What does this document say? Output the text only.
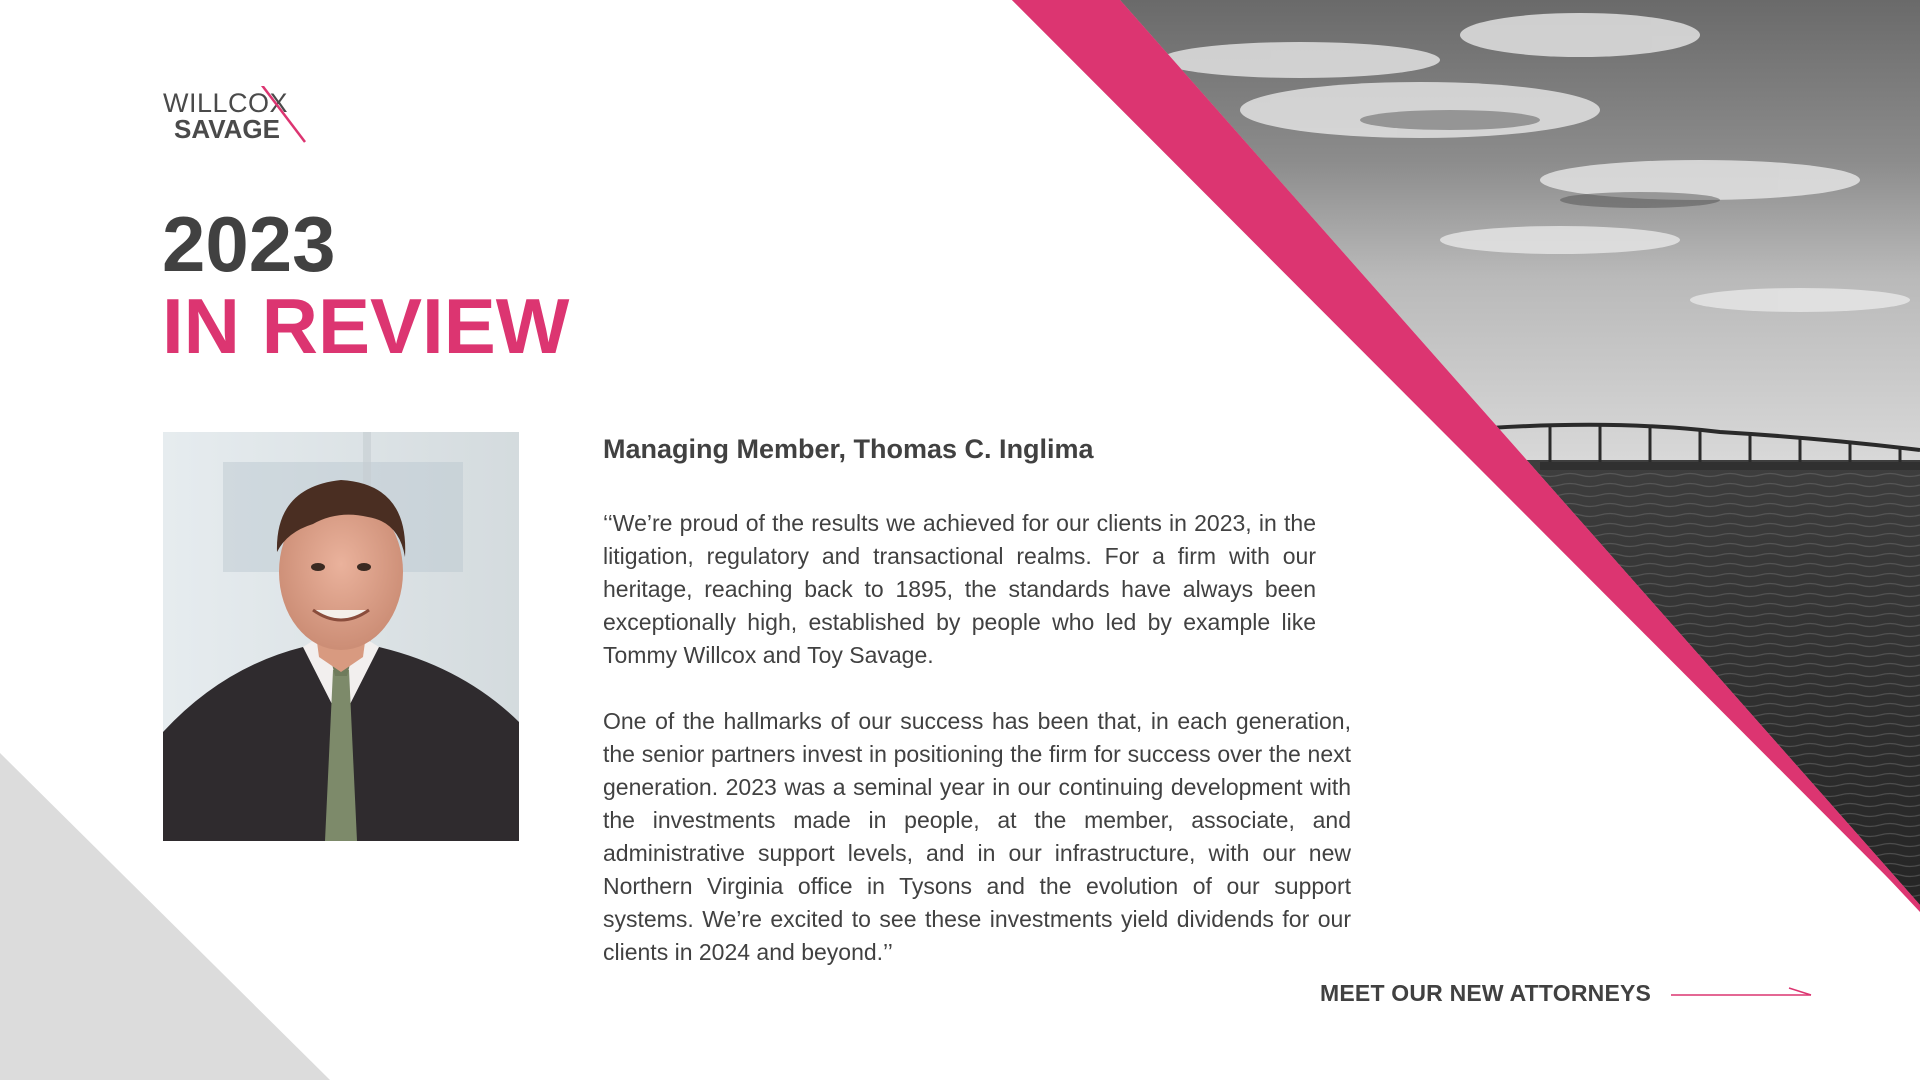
WILLCOX
SAVAGE
2023
IN REVIEW
Managing Member, Thomas C. Inglima
‘‘We’re proud of the results we achieved for our clients in 2023, in the litigation, regulatory and transactional realms. For a firm with our heritage, reaching back to 1895, the standards have always been exceptionally high, established by people who led by example like Tommy Willcox and Toy Savage.
One of the hallmarks of our success has been that, in each generation, the senior partners invest in positioning the firm for success over the next generation. 2023 was a seminal year in our continuing development with the investments made in people, at the member, associate, and administrative support levels, and in our infrastructure, with our new Northern Virginia office in Tysons and the evolution of our support systems. We’re excited to see these investments yield dividends for our clients in 2024 and beyond.’’
MEET OUR NEW ATTORNEYS
